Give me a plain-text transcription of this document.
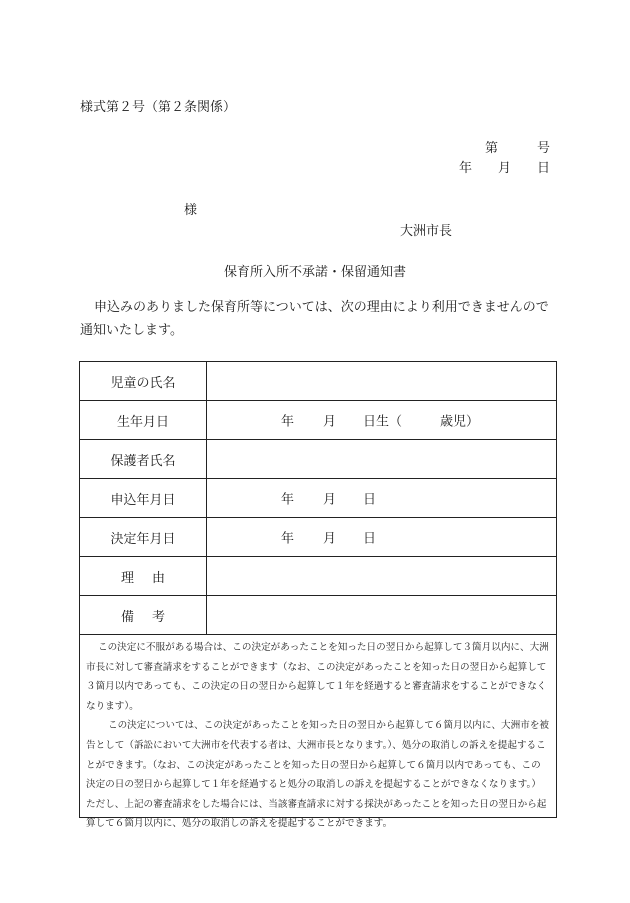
様式第２号（第２条関係）
第　　　号
年　　月　　日
様
大洲市長
保育所入所不承諾・保留通知書
申込みのありました保育所等については、次の理由により利用できませんので通知いたします。
児童の氏名	
生年月日	年 月 日生（ 歳児）

保護者氏名	
申込年月日	年 月 日

決定年月日	年 月 日

理由	
備考	

この決定に不服がある場合は、この決定があったことを知った日の翌日から起算して３箇月以内に、大洲市長に対して審査請求をすることができます（なお、この決定があったことを知った日の翌日から起算して３箇月以内であっても、この決定の日の翌日から起算して１年を経過すると審査請求をすることができなくなります）。

この決定については、この決定があったことを知った日の翌日から起算して６箇月以内に、大洲市を被告として（訴訟において大洲市を代表する者は、大洲市長となります。）、処分の取消しの訴えを提起することができます。（なお、この決定があったことを知った日の翌日から起算して６箇月以内であっても、この決定の日の翌日から起算して１年を経過すると処分の取消しの訴えを提起することができなくなります。）ただし、上記の審査請求をした場合には、当該審査請求に対する採決があったことを知った日の翌日から起算して６箇月以内に、処分の取消しの訴えを提起することができます。
